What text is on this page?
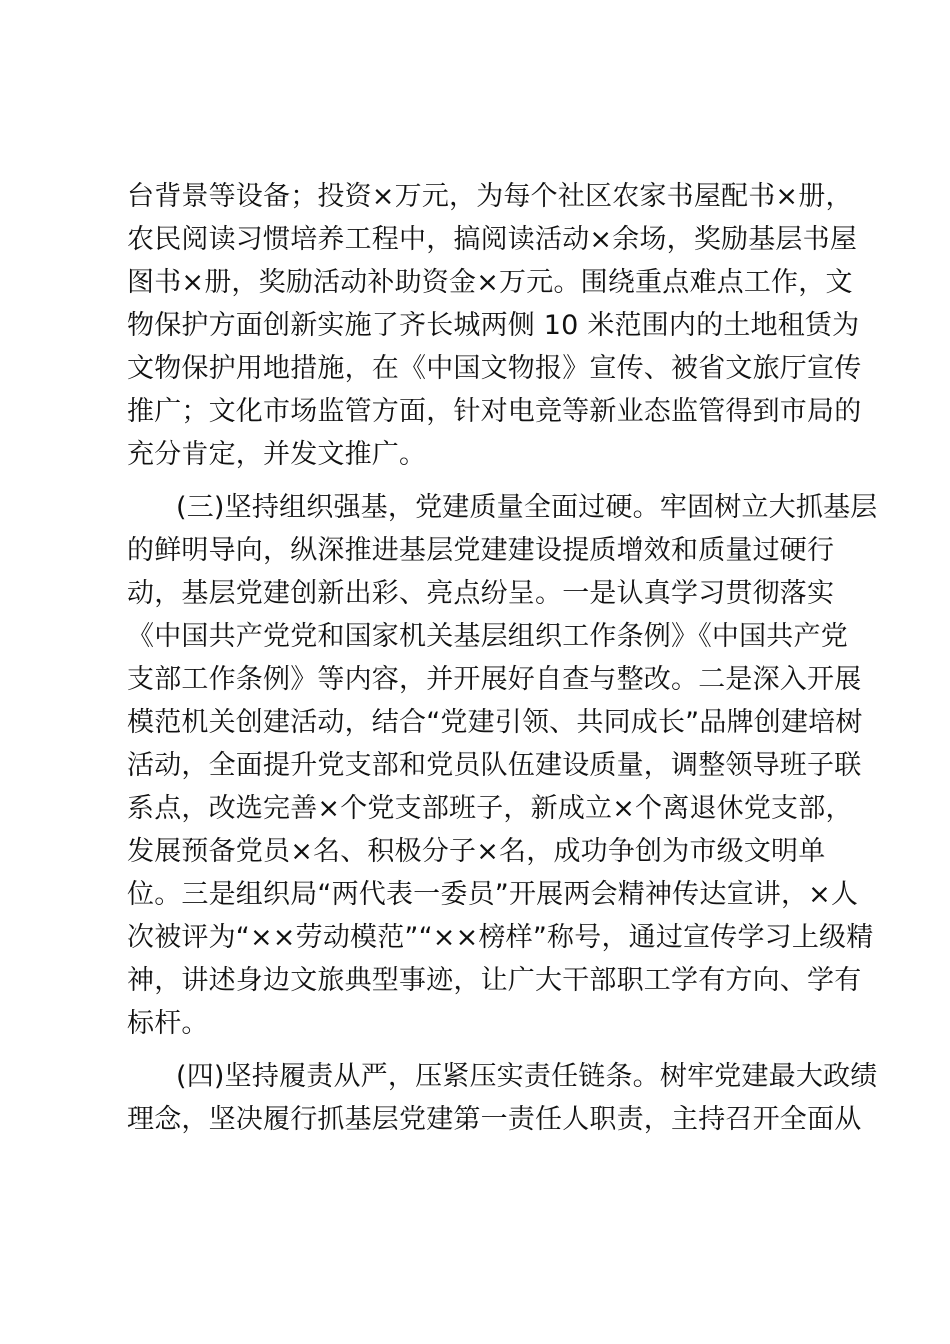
台背景等设备；投资×万元，为每个社区农家书屋配书×册，
农民阅读习惯培养工程中，搞阅读活动×余场，奖励基层书屋
图书×册，奖励活动补助资金×万元。围绕重点难点工作，文
物保护方面创新实施了齐长城两侧 10 米范围内的土地租赁为
文物保护用地措施，在《中国文物报》宣传、被省文旅厅宣传
推广；文化市场监管方面，针对电竞等新业态监管得到市局的
充分肯定，并发文推广。
(三)坚持组织强基，党建质量全面过硬。牢固树立大抓基层
的鲜明导向，纵深推进基层党建建设提质增效和质量过硬行
动，基层党建创新出彩、亮点纷呈。一是认真学习贯彻落实
《中国共产党党和国家机关基层组织工作条例》《中国共产党
支部工作条例》等内容，并开展好自查与整改。二是深入开展
模范机关创建活动，结合“党建引领、共同成长”品牌创建培树
活动，全面提升党支部和党员队伍建设质量，调整领导班子联
系点，改选完善×个党支部班子，新成立×个离退休党支部，
发展预备党员×名、积极分子×名，成功争创为市级文明单
位。三是组织局“两代表一委员”开展两会精神传达宣讲，×人
次被评为“××劳动模范”“××榜样”称号，通过宣传学习上级精
神，讲述身边文旅典型事迹，让广大干部职工学有方向、学有
标杆。
(四)坚持履责从严，压紧压实责任链条。树牢党建最大政绩
理念，坚决履行抓基层党建第一责任人职责，主持召开全面从
